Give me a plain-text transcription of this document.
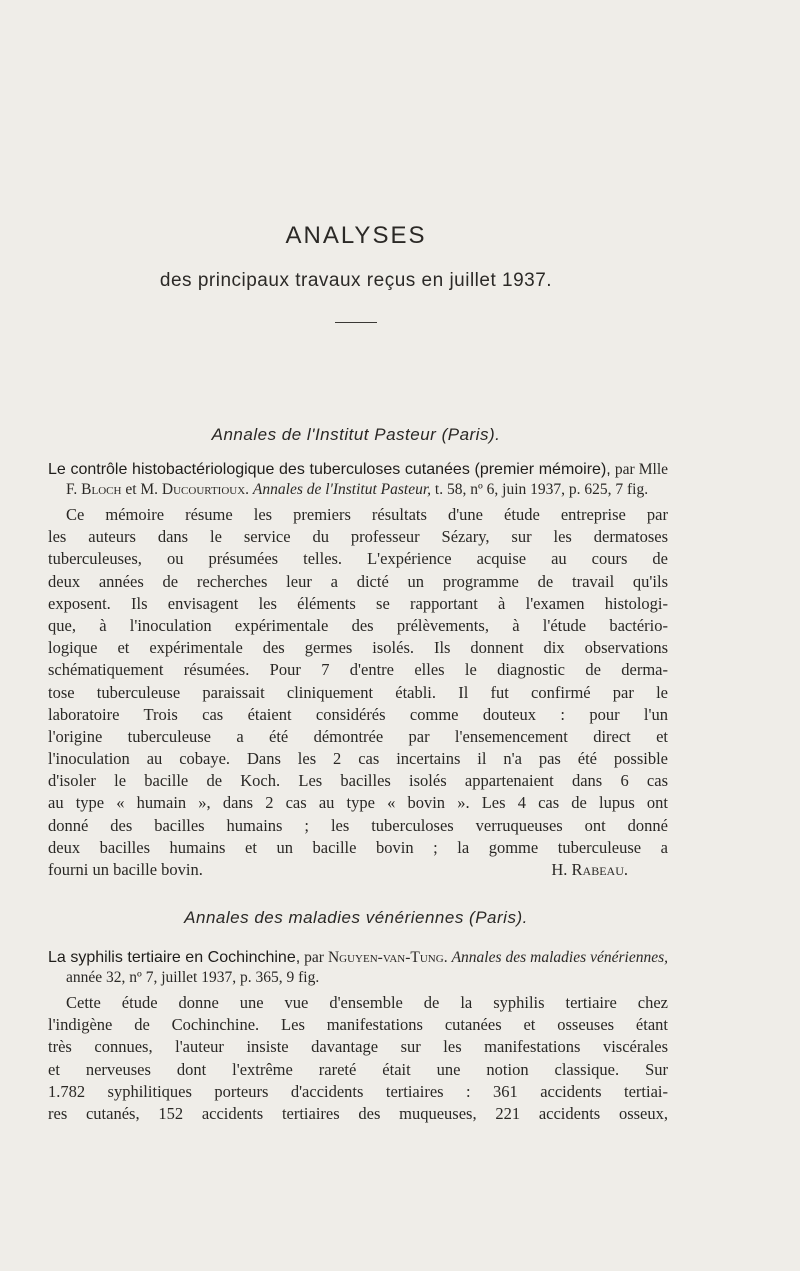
ANALYSES
des principaux travaux reçus en juillet 1937.
Annales de l'Institut Pasteur (Paris).
Le contrôle histobactériologique des tuberculoses cutanées (premier mémoire), par Mlle F. Bloch et M. Ducourtioux. Annales de l'Institut Pasteur, t. 58, nº 6, juin 1937, p. 625, 7 fig.
Ce mémoire résume les premiers résultats d'une étude entreprise par
les auteurs dans le service du professeur Sézary, sur les dermatoses
tuberculeuses, ou présumées telles. L'expérience acquise au cours de
deux années de recherches leur a dicté un programme de travail qu'ils
exposent. Ils envisagent les éléments se rapportant à l'examen histologi-
que, à l'inoculation expérimentale des prélèvements, à l'étude bactério-
logique et expérimentale des germes isolés. Ils donnent dix observations
schématiquement résumées. Pour 7 d'entre elles le diagnostic de derma-
tose tuberculeuse paraissait cliniquement établi. Il fut confirmé par le
laboratoire Trois cas étaient considérés comme douteux : pour l'un
l'origine tuberculeuse a été démontrée par l'ensemencement direct et
l'inoculation au cobaye. Dans les 2 cas incertains il n'a pas été possible
d'isoler le bacille de Koch. Les bacilles isolés appartenaient dans 6 cas
au type « humain », dans 2 cas au type « bovin ». Les 4 cas de lupus ont
donné des bacilles humains ; les tuberculoses verruqueuses ont donné
deux bacilles humains et un bacille bovin ; la gomme tuberculeuse a
fourni un bacille bovin.	H. Rabeau.
Annales des maladies vénériennes (Paris).
La syphilis tertiaire en Cochinchine, par Nguyen-van-Tung. Annales des maladies vénériennes, année 32, nº 7, juillet 1937, p. 365, 9 fig.
Cette étude donne une vue d'ensemble de la syphilis tertiaire chez
l'indigène de Cochinchine. Les manifestations cutanées et osseuses étant
très connues, l'auteur insiste davantage sur les manifestations viscérales
et nerveuses dont l'extrême rareté était une notion classique. Sur
1.782 syphilitiques porteurs d'accidents tertiaires : 361 accidents tertiai-
res cutanés, 152 accidents tertiaires des muqueuses, 221 accidents osseux,
